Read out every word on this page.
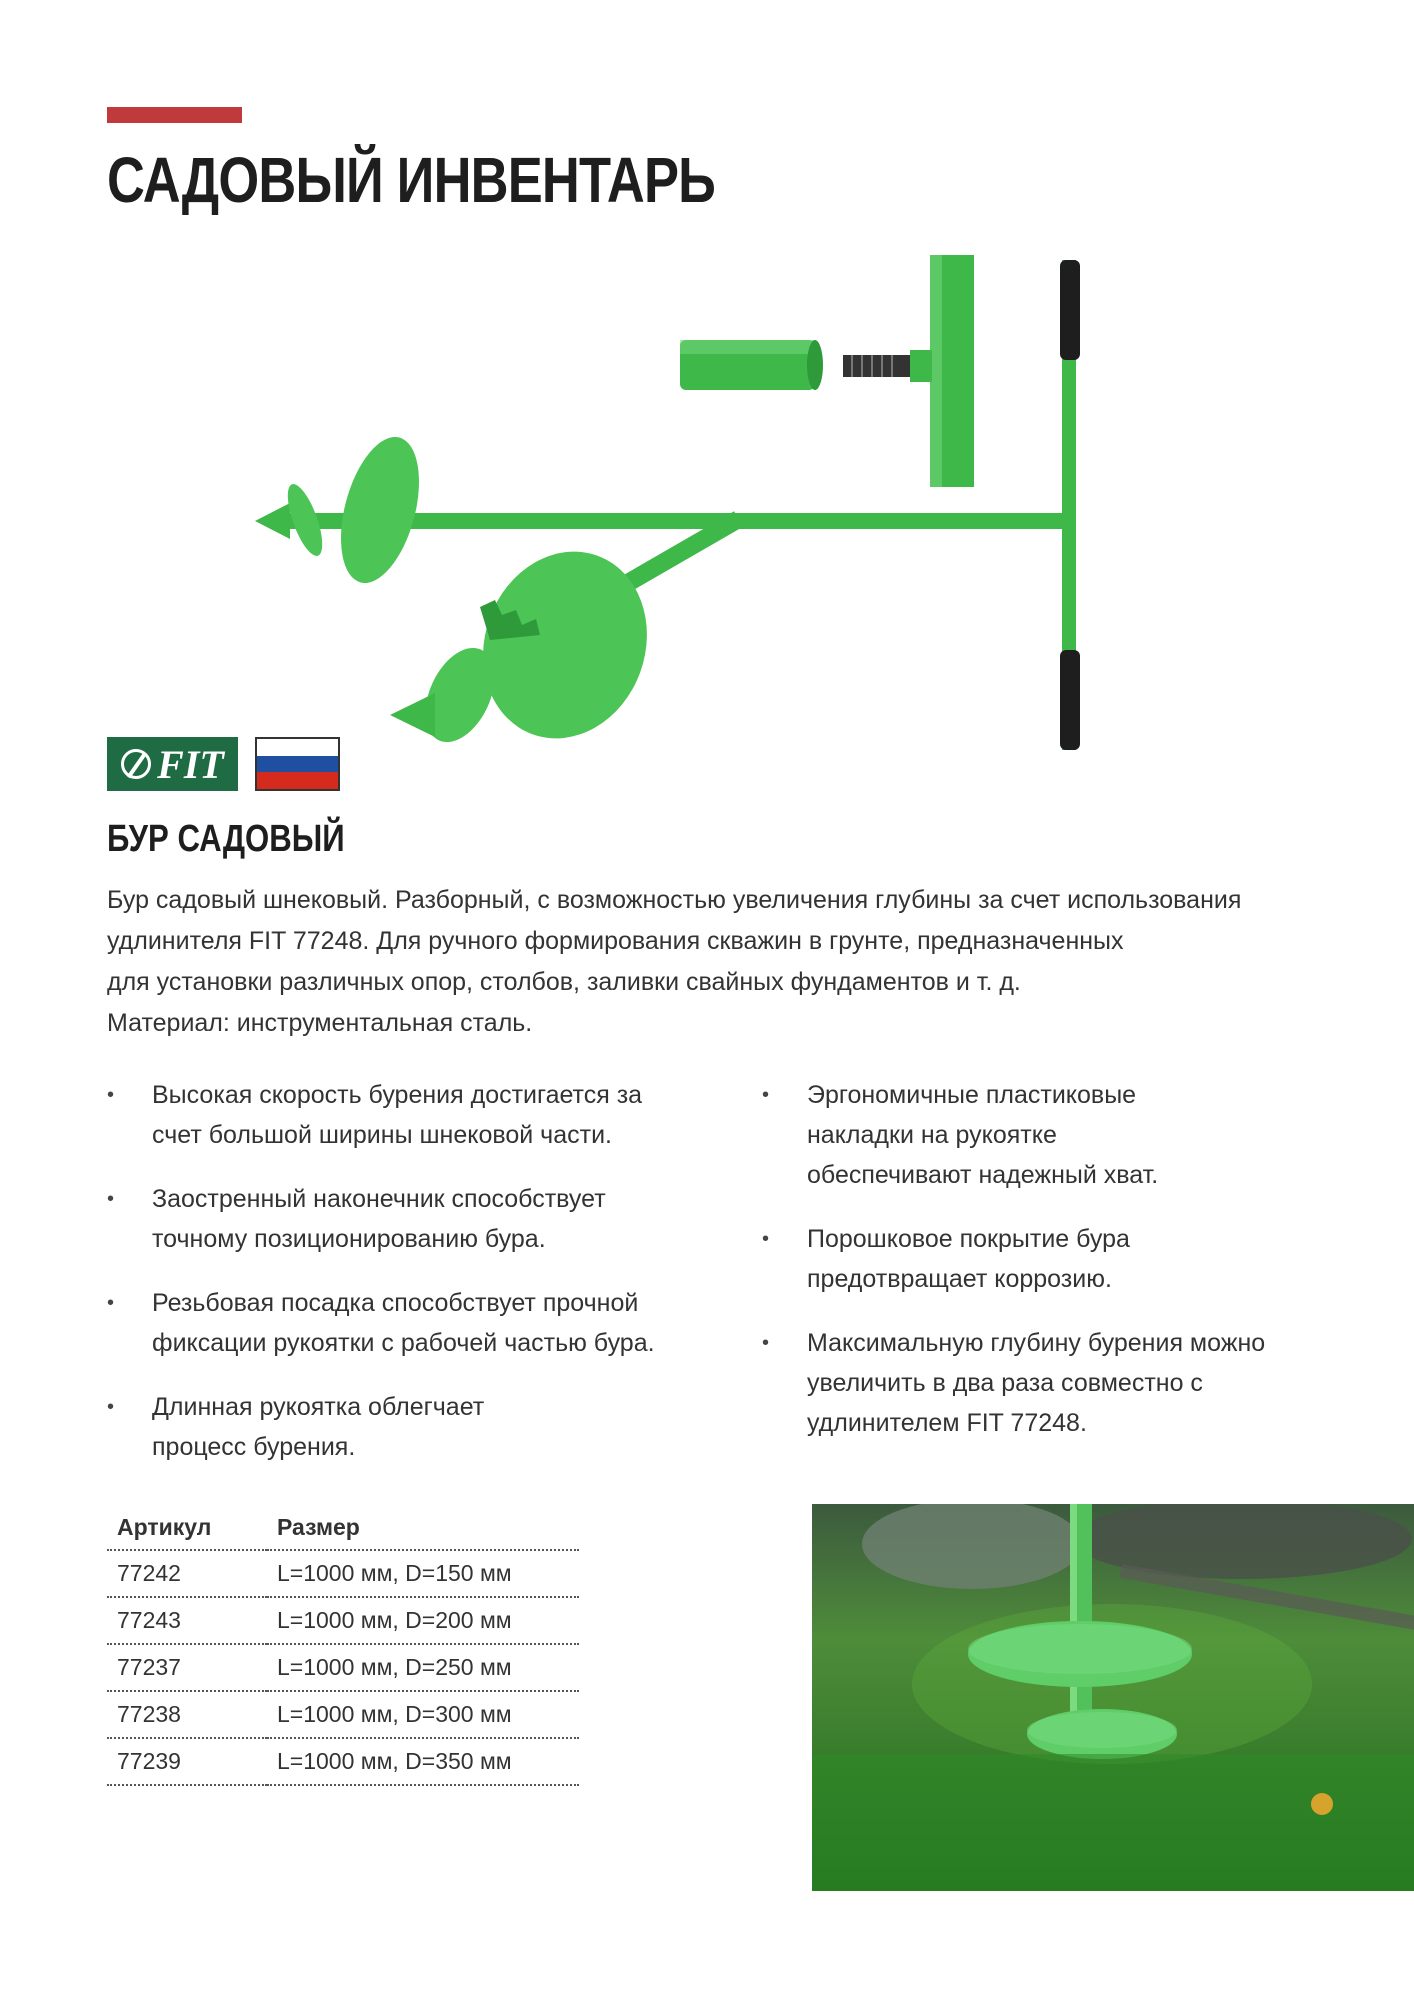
САДОВЫЙ ИНВЕНТАРЬ
FIT
БУР САДОВЫЙ

Бур садовый шнековый. Разборный, с возможностью увеличения глубины за счет использования

удлинителя FIT 77248. Для ручного формирования скважин в грунте, предназначенных

для установки различных опор, столбов, заливки свайных фундаментов и т. д.

Материал: инструментальная сталь.

• Высокая скорость бурения достигается за счет большой ширины шнековой части.
• Заостренный наконечник способствует точному позиционированию бура.
• Резьбовая посадка способствует прочной фиксации рукоятки с рабочей частью бура.
• Длинная рукоятка облегчает процесс бурения.
• Эргономичные пластиковые накладки на рукоятке обеспечивают надежный хват.
• Порошковое покрытие бура предотвращает коррозию.
• Максимальную глубину бурения можно увеличить в два раза совместно с удлинителем FIT 77248.
Артикул	Размер
77242	L=1000 мм, D=150 мм
77243	L=1000 мм, D=200 мм
77237	L=1000 мм, D=250 мм
77238	L=1000 мм, D=300 мм
77239	L=1000 мм, D=350 мм
